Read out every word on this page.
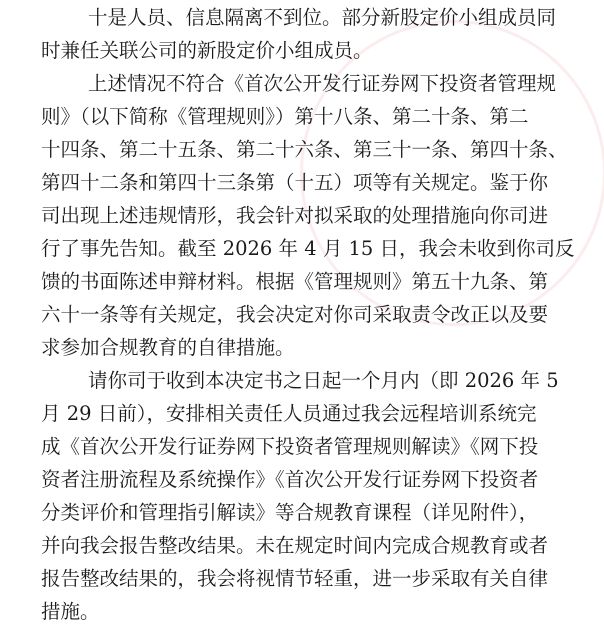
十是人员、信息隔离不到位。部分新股定价小组成员同
时兼任关联公司的新股定价小组成员。
上述情况不符合《首次公开发行证券网下投资者管理规
则》（以下简称《管理规则》）第十八条、第二十条、第二
十四条、第二十五条、第二十六条、第三十一条、第四十条、
第四十二条和第四十三条第（十五）项等有关规定。鉴于你
司出现上述违规情形，我会针对拟采取的处理措施向你司进
行了事先告知。截至 2026 年 4 月 15 日，我会未收到你司反
馈的书面陈述申辩材料。根据《管理规则》第五十九条、第
六十一条等有关规定，我会决定对你司采取责令改正以及要
求参加合规教育的自律措施。
请你司于收到本决定书之日起一个月内（即 2026 年 5
月 29 日前），安排相关责任人员通过我会远程培训系统完
成《首次公开发行证券网下投资者管理规则解读》《网下投
资者注册流程及系统操作》《首次公开发行证券网下投资者
分类评价和管理指引解读》等合规教育课程（详见附件），
并向我会报告整改结果。未在规定时间内完成合规教育或者
报告整改结果的，我会将视情节轻重，进一步采取有关自律
措施。
